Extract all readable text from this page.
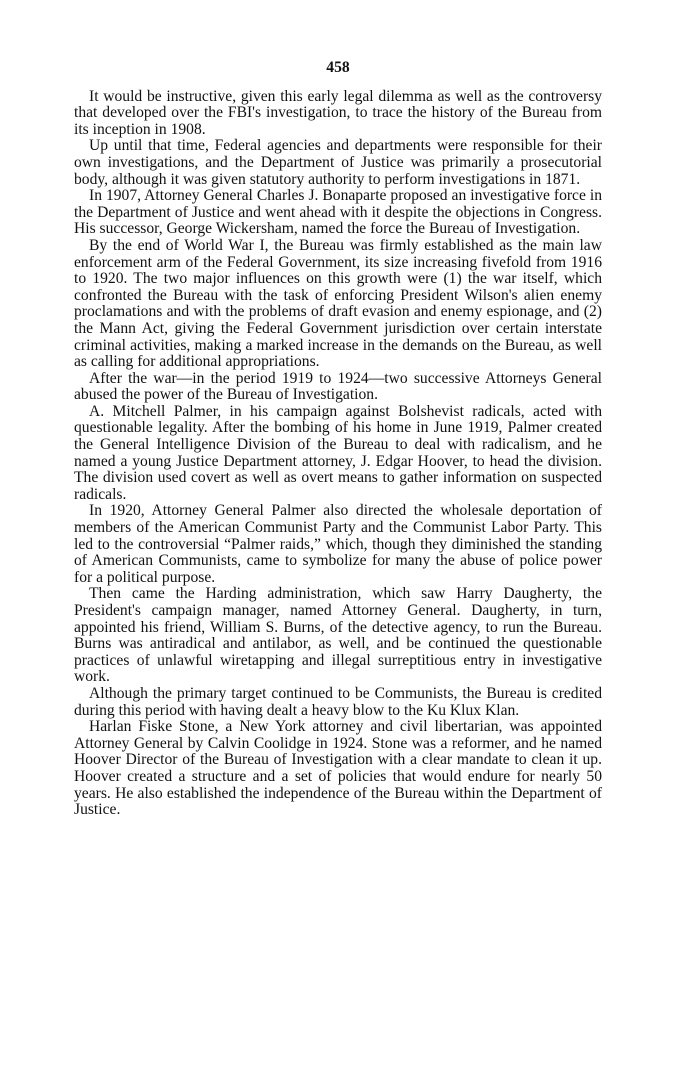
458

It would be instructive, given this early legal dilemma as well as the controversy that developed over the FBI's investigation, to trace the history of the Bureau from its inception in 1908.

Up until that time, Federal agencies and departments were responsible for their own investigations, and the Department of Justice was primarily a prosecutorial body, although it was given statutory authority to perform investigations in 1871.

In 1907, Attorney General Charles J. Bonaparte proposed an investigative force in the Department of Justice and went ahead with it despite the objections in Congress. His successor, George Wickersham, named the force the Bureau of Investigation.

By the end of World War I, the Bureau was firmly established as the main law enforcement arm of the Federal Government, its size increasing fivefold from 1916 to 1920. The two major influences on this growth were (1) the war itself, which confronted the Bureau with the task of enforcing President Wilson's alien enemy proclamations and with the problems of draft evasion and enemy espionage, and (2) the Mann Act, giving the Federal Government jurisdiction over certain interstate criminal activities, making a marked increase in the demands on the Bureau, as well as calling for additional appropriations.

After the war—in the period 1919 to 1924—two successive Attorneys General abused the power of the Bureau of Investigation.

A. Mitchell Palmer, in his campaign against Bolshevist radicals, acted with questionable legality. After the bombing of his home in June 1919, Palmer created the General Intelligence Division of the Bureau to deal with radicalism, and he named a young Justice Department attorney, J. Edgar Hoover, to head the division. The division used covert as well as overt means to gather information on suspected radicals.

In 1920, Attorney General Palmer also directed the wholesale deportation of members of the American Communist Party and the Communist Labor Party. This led to the controversial “Palmer raids,” which, though they diminished the standing of American Communists, came to symbolize for many the abuse of police power for a political purpose.

Then came the Harding administration, which saw Harry Daugherty, the President's campaign manager, named Attorney General. Daugherty, in turn, appointed his friend, William S. Burns, of the detective agency, to run the Bureau. Burns was antiradical and antilabor, as well, and be continued the questionable practices of unlawful wiretapping and illegal surreptitious entry in investigative work.

Although the primary target continued to be Communists, the Bureau is credited during this period with having dealt a heavy blow to the Ku Klux Klan.

Harlan Fiske Stone, a New York attorney and civil libertarian, was appointed Attorney General by Calvin Coolidge in 1924. Stone was a reformer, and he named Hoover Director of the Bureau of Investigation with a clear mandate to clean it up. Hoover created a structure and a set of policies that would endure for nearly 50 years. He also established the independence of the Bureau within the Department of Justice.
